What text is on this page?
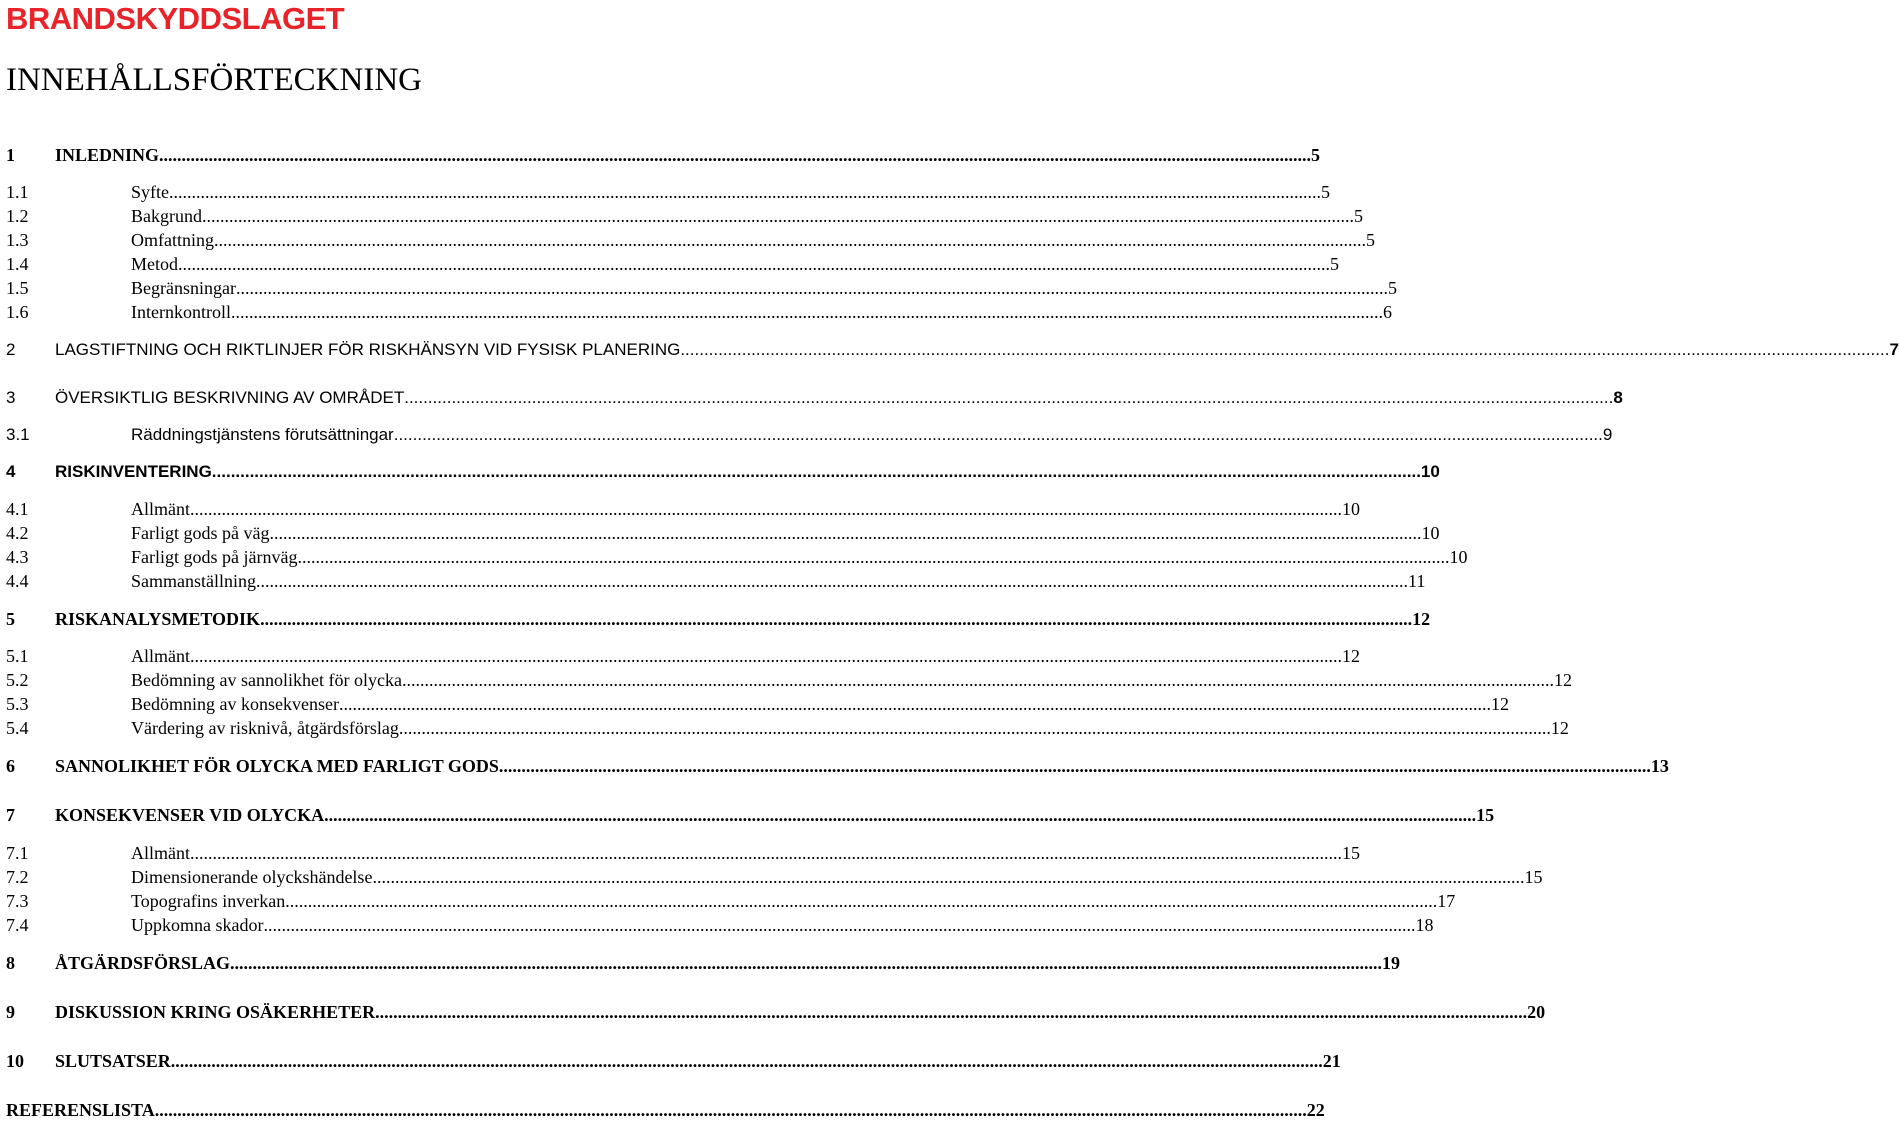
BRANDSKYDDSLAGET
INNEHÅLLSFÖRTECKNING
1	INLEDNING .....	5
1.1	Syfte .....	5
1.2	Bakgrund .....	5
1.3	Omfattning .....	5
1.4	Metod .....	5
1.5	Begränsningar .....	5
1.6	Internkontroll .....	6
2	LAGSTIFTNING OCH RIKTLINJER FÖR RISKHÄNSYN VID FYSISK PLANERING .....	7
3	ÖVERSIKTLIG BESKRIVNING AV OMRÅDET .....	8
3.1	Räddningstjänstens förutsättningar .....	9
4	RISKINVENTERING .....	10
4.1	Allmänt .....	10
4.2	Farligt gods på väg .....	10
4.3	Farligt gods på järnväg .....	10
4.4	Sammanställning .....	11
5	RISKANALYSMETODIK .....	12
5.1	Allmänt .....	12
5.2	Bedömning av sannolikhet för olycka .....	12
5.3	Bedömning av konsekvenser .....	12
5.4	Värdering av risknivå, åtgärdsförslag .....	12
6	SANNOLIKHET FÖR OLYCKA MED FARLIGT GODS .....	13
7	KONSEKVENSER VID OLYCKA .....	15
7.1	Allmänt .....	15
7.2	Dimensionerande olyckshändelse .....	15
7.3	Topografins inverkan .....	17
7.4	Uppkomna skador .....	18
8	ÅTGÄRDSFÖRSLAG .....	19
9	DISKUSSION KRING OSÄKERHETER .....	20
10	SLUTSATSER .....	21
REFERENSLISTA .....	22
